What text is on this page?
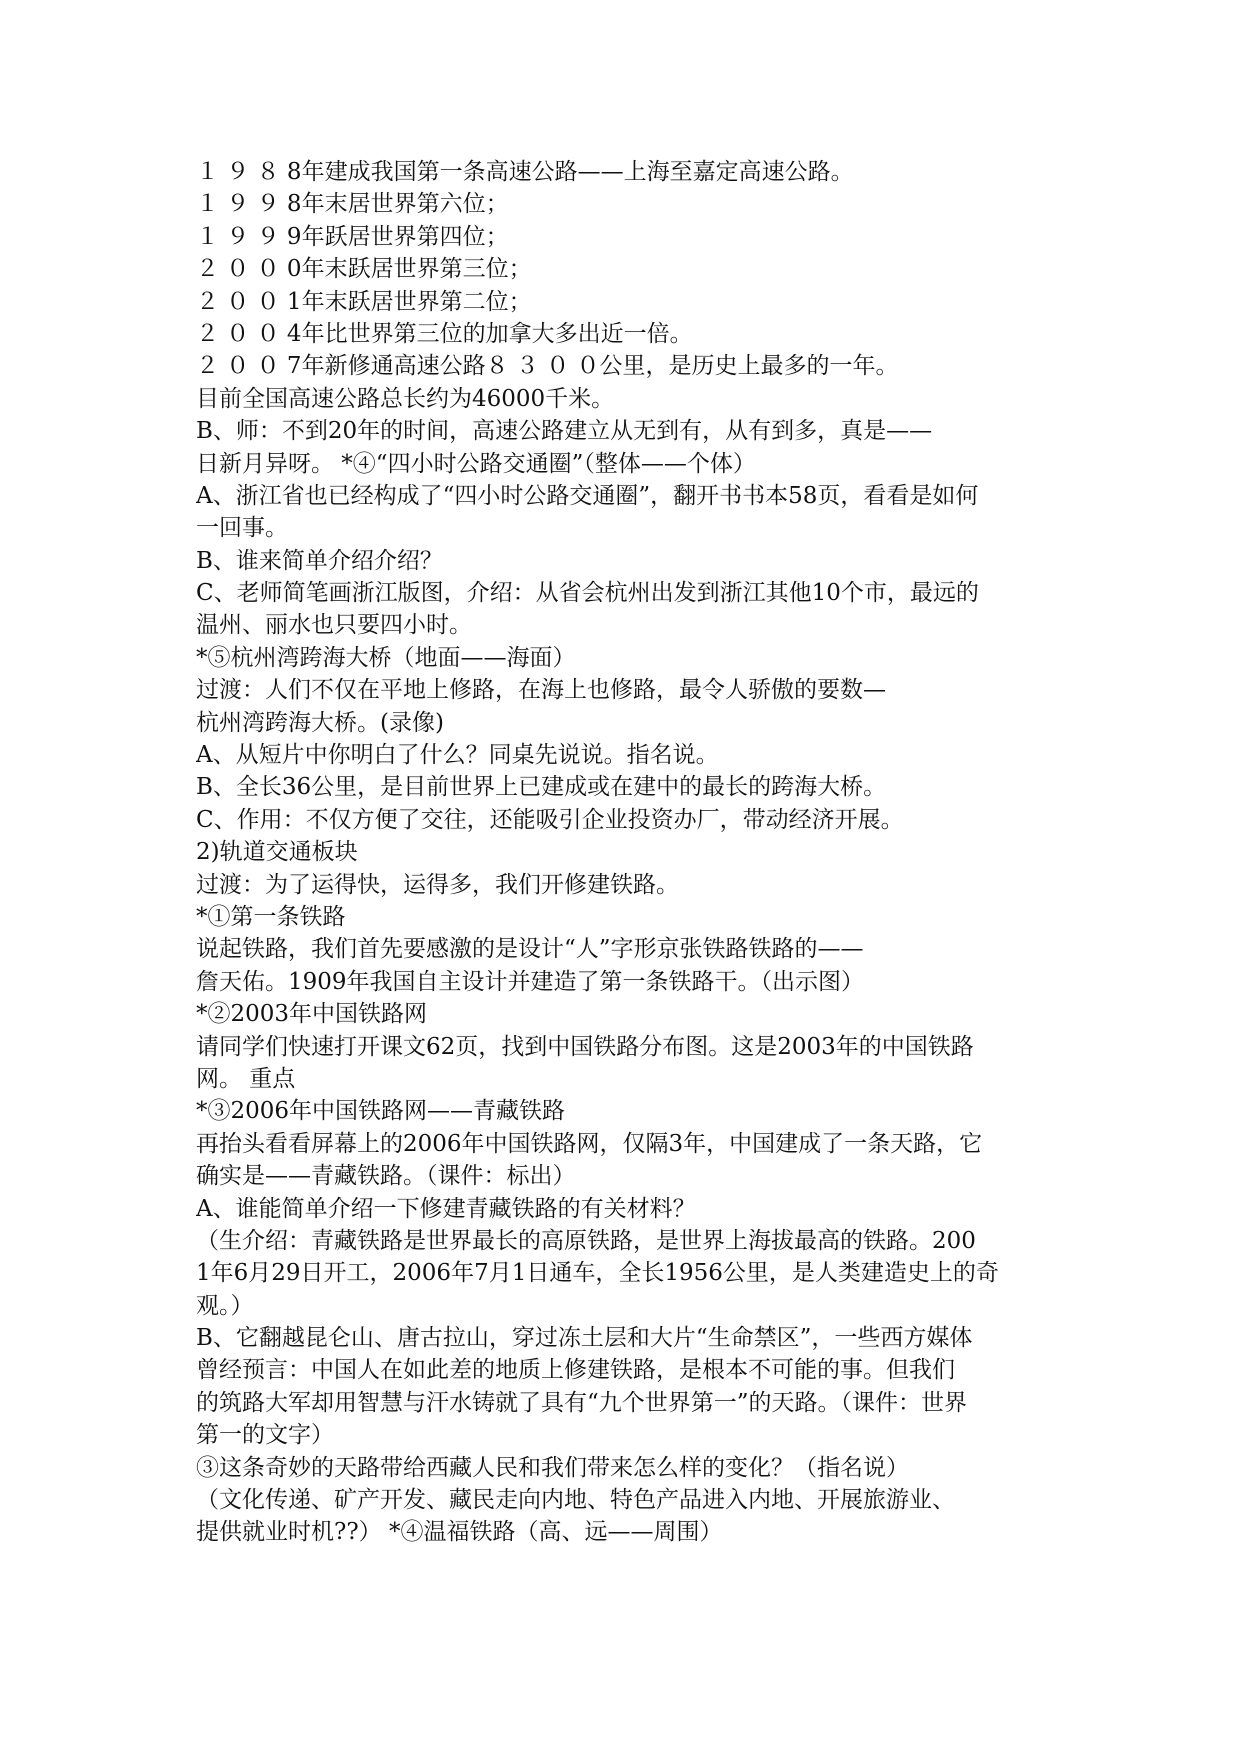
１ ９ ８ 8年建成我国第一条高速公路——上海至嘉定高速公路。
１ ９ ９ 8年末居世界第六位；
１ ９ ９ 9年跃居世界第四位；
２ ０ ０ 0年末跃居世界第三位；
２ ０ ０ 1年末跃居世界第二位；
２ ０ ０ 4年比世界第三位的加拿大多出近一倍。
２ ０ ０ 7年新修通高速公路８ ３ ０ ０公里，是历史上最多的一年。
目前全国高速公路总长约为46000千米。
B、师：不到20年的时间，高速公路建立从无到有，从有到多，真是——
日新月异呀。 *④“四小时公路交通圈”（整体——个体）
A、浙江省也已经构成了“四小时公路交通圈”，翻开书书本58页，看看是如何
一回事。
B、谁来简单介绍介绍？
C、老师简笔画浙江版图，介绍：从省会杭州出发到浙江其他10个市，最远的
温州、丽水也只要四小时。
*⑤杭州湾跨海大桥（地面——海面）
过渡：人们不仅在平地上修路，在海上也修路，最令人骄傲的要数—
杭州湾跨海大桥。(录像)
A、从短片中你明白了什么？同桌先说说。指名说。
B、全长36公里，是目前世界上已建成或在建中的最长的跨海大桥。
C、作用：不仅方便了交往，还能吸引企业投资办厂，带动经济开展。
2)轨道交通板块
过渡：为了运得快，运得多，我们开修建铁路。
*①第一条铁路
说起铁路，我们首先要感激的是设计“人”字形京张铁路铁路的——
詹天佑。1909年我国自主设计并建造了第一条铁路干。（出示图）
*②2003年中国铁路网
请同学们快速打开课文62页，找到中国铁路分布图。这是2003年的中国铁路
网。 重点
*③2006年中国铁路网——青藏铁路
再抬头看看屏幕上的2006年中国铁路网，仅隔3年，中国建成了一条天路，它
确实是——青藏铁路。（课件：标出）
A、谁能简单介绍一下修建青藏铁路的有关材料？
（生介绍：青藏铁路是世界最长的高原铁路，是世界上海拔最高的铁路。200
1年6月29日开工，2006年7月1日通车，全长1956公里，是人类建造史上的奇
观。）
B、它翻越昆仑山、唐古拉山，穿过冻土层和大片“生命禁区”，一些西方媒体
曾经预言：中国人在如此差的地质上修建铁路，是根本不可能的事。但我们
的筑路大军却用智慧与汗水铸就了具有“九个世界第一”的天路。（课件：世界
第一的文字）
③这条奇妙的天路带给西藏人民和我们带来怎么样的变化？（指名说）
（文化传递、矿产开发、藏民走向内地、特色产品进入内地、开展旅游业、
提供就业时机??） *④温福铁路（高、远——周围）
